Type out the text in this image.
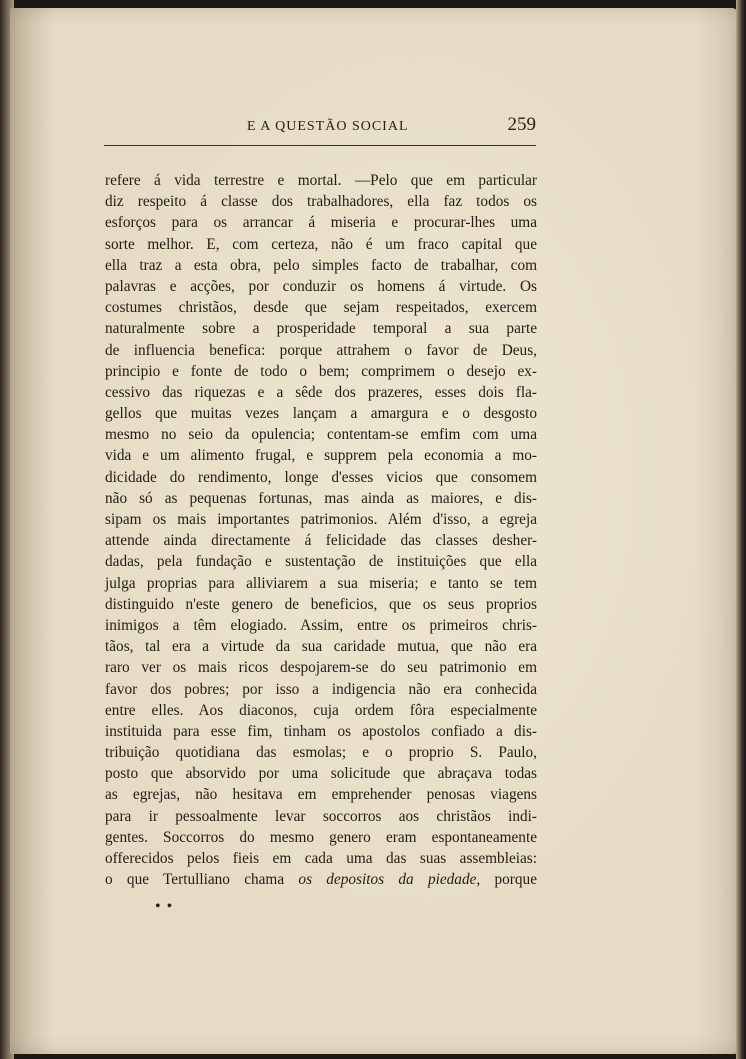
E A QUESTÃO SOCIAL	259
refere á vida terrestre e mortal. —Pelo que em particular
diz respeito á classe dos trabalhadores, ella faz todos os
esforços para os arrancar á miseria e procurar-lhes uma
sorte melhor. E, com certeza, não é um fraco capital que
ella traz a esta obra, pelo simples facto de trabalhar, com
palavras e acções, por conduzir os homens á virtude. Os
costumes christãos, desde que sejam respeitados, exercem
naturalmente sobre a prosperidade temporal a sua parte
de influencia benefica: porque attrahem o favor de Deus,
principio e fonte de todo o bem; comprimem o desejo ex-
cessivo das riquezas e a sêde dos prazeres, esses dois fla-
gellos que muitas vezes lançam a amargura e o desgosto
mesmo no seio da opulencia; contentam-se emfim com uma
vida e um alimento frugal, e supprem pela economia a mo-
dicidade do rendimento, longe d'esses vicios que consomem
não só as pequenas fortunas, mas ainda as maiores, e dis-
sipam os mais importantes patrimonios. Além d'isso, a egreja
attende ainda directamente á felicidade das classes desher-
dadas, pela fundação e sustentação de instituições que ella
julga proprias para alliviarem a sua miseria; e tanto se tem
distinguido n'este genero de beneficios, que os seus proprios
inimigos a têm elogiado. Assim, entre os primeiros chris-
tãos, tal era a virtude da sua caridade mutua, que não era
raro ver os mais ricos despojarem-se do seu patrimonio em
favor dos pobres; por isso a indigencia não era conhecida
entre elles. Aos diaconos, cuja ordem fôra especialmente
instituida para esse fim, tinham os apostolos confiado a dis-
tribuição quotidiana das esmolas; e o proprio S. Paulo,
posto que absorvido por uma solicitude que abraçava todas
as egrejas, não hesitava em emprehender penosas viagens
para ir pessoalmente levar soccorros aos christãos indi-
gentes. Soccorros do mesmo genero eram espontaneamente
offerecidos pelos fieis em cada uma das suas assembleias:
o que Tertulliano chama os depositos da piedade, porque
• •
